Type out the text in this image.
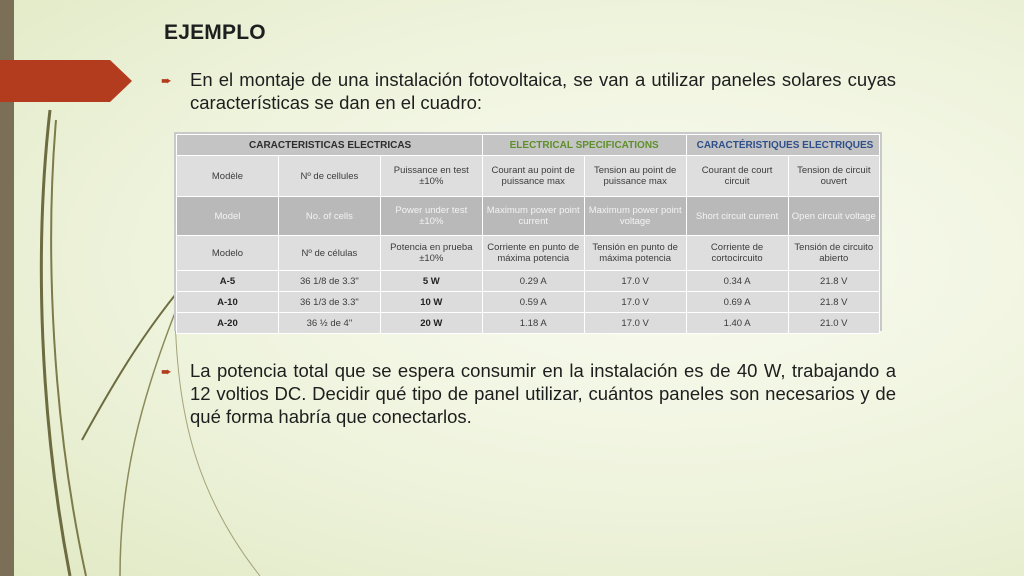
EJEMPLO
➨ En el montaje de una instalación fotovoltaica, se van a utilizar paneles solares cuyas características se dan en el cuadro:
CARACTERISTICAS ELECTRICAS			ELECTRICAL SPECIFICATIONS		CARACTÉRISTIQUES ELECTRIQUES	
Modèle	Nº de cellules	Puissance en test ±10%	Courant au point de puissance max	Tension au point de puissance max	Courant de court circuit	Tension de circuit ouvert
Model	No. of cells	Power under test ±10%	Maximum power point current	Maximum power point voltage	Short circuit current	Open circuit voltage
Modelo	Nº de células	Potencia en prueba ±10%	Corriente en punto de máxima potencia	Tensión en punto de máxima potencia	Corriente de cortocircuito	Tensión de circuito abierto
A-5	36 1/8 de 3.3"	5 W	0.29 A	17.0 V	0.34 A	21.8 V
A-10	36 1/3 de 3.3"	10 W	0.59 A	17.0 V	0.69 A	21.8 V
A-20	36 ½ de 4"	20 W	1.18 A	17.0 V	1.40 A	21.0 V
➨ La potencia total que se espera consumir en la instalación es de 40 W, trabajando a 12 voltios DC. Decidir qué tipo de panel utilizar, cuántos paneles son necesarios y de qué forma habría que conectarlos.
